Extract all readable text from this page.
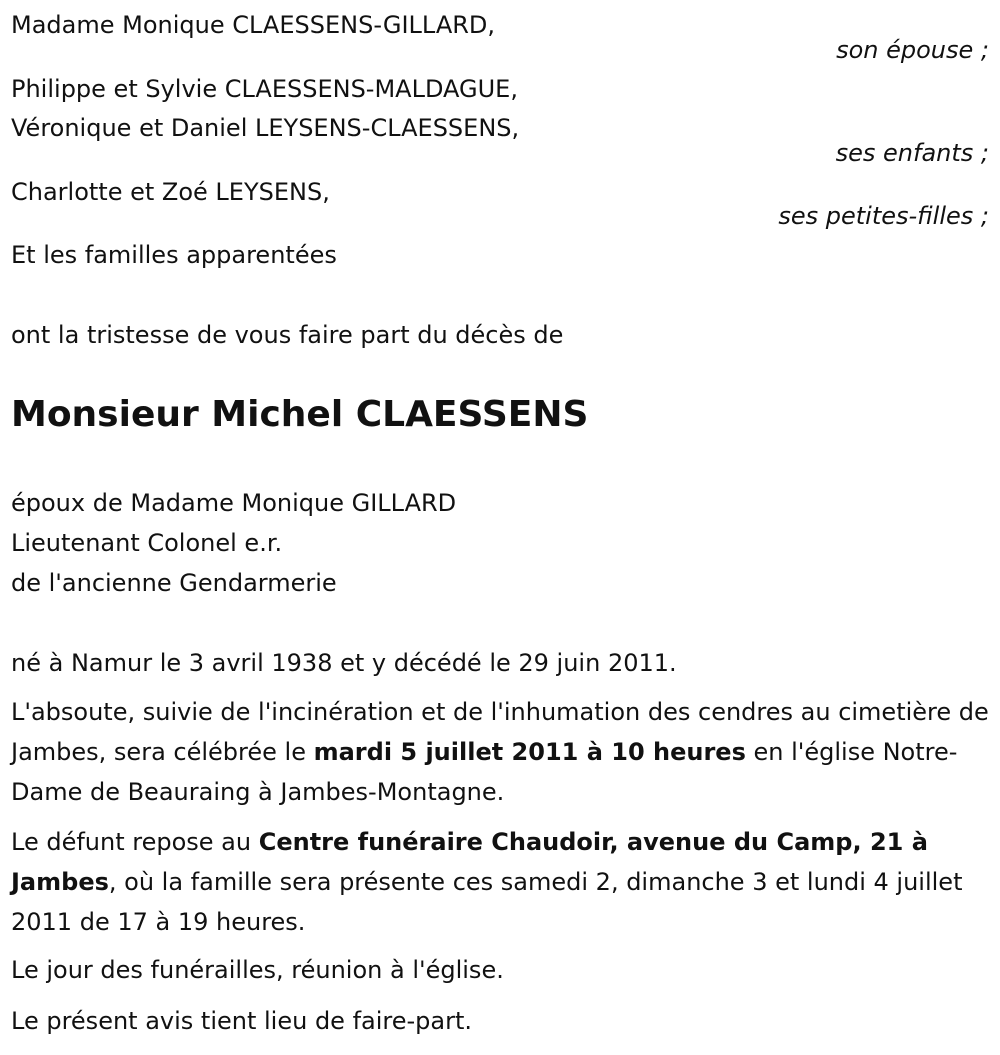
Madame Monique CLAESSENS-GILLARD,
son épouse ;
Philippe et Sylvie CLAESSENS-MALDAGUE,
Véronique et Daniel LEYSENS-CLAESSENS,
ses enfants ;
Charlotte et Zoé LEYSENS,
ses petites-filles ;
Et les familles apparentées
ont la tristesse de vous faire part du décès de
Monsieur Michel CLAESSENS
époux de Madame Monique GILLARD
Lieutenant Colonel e.r.
de l'ancienne Gendarmerie
né à Namur le 3 avril 1938 et y décédé le 29 juin 2011.
L'absoute, suivie de l'incinération et de l'inhumation des cendres au cimetière de Jambes, sera célébrée le mardi 5 juillet 2011 à 10 heures en l'église Notre-Dame de Beauraing à Jambes-Montagne.
Le défunt repose au Centre funéraire Chaudoir, avenue du Camp, 21 à Jambes, où la famille sera présente ces samedi 2, dimanche 3 et lundi 4 juillet 2011 de 17 à 19 heures.
Le jour des funérailles, réunion à l'église.
Le présent avis tient lieu de faire-part.
